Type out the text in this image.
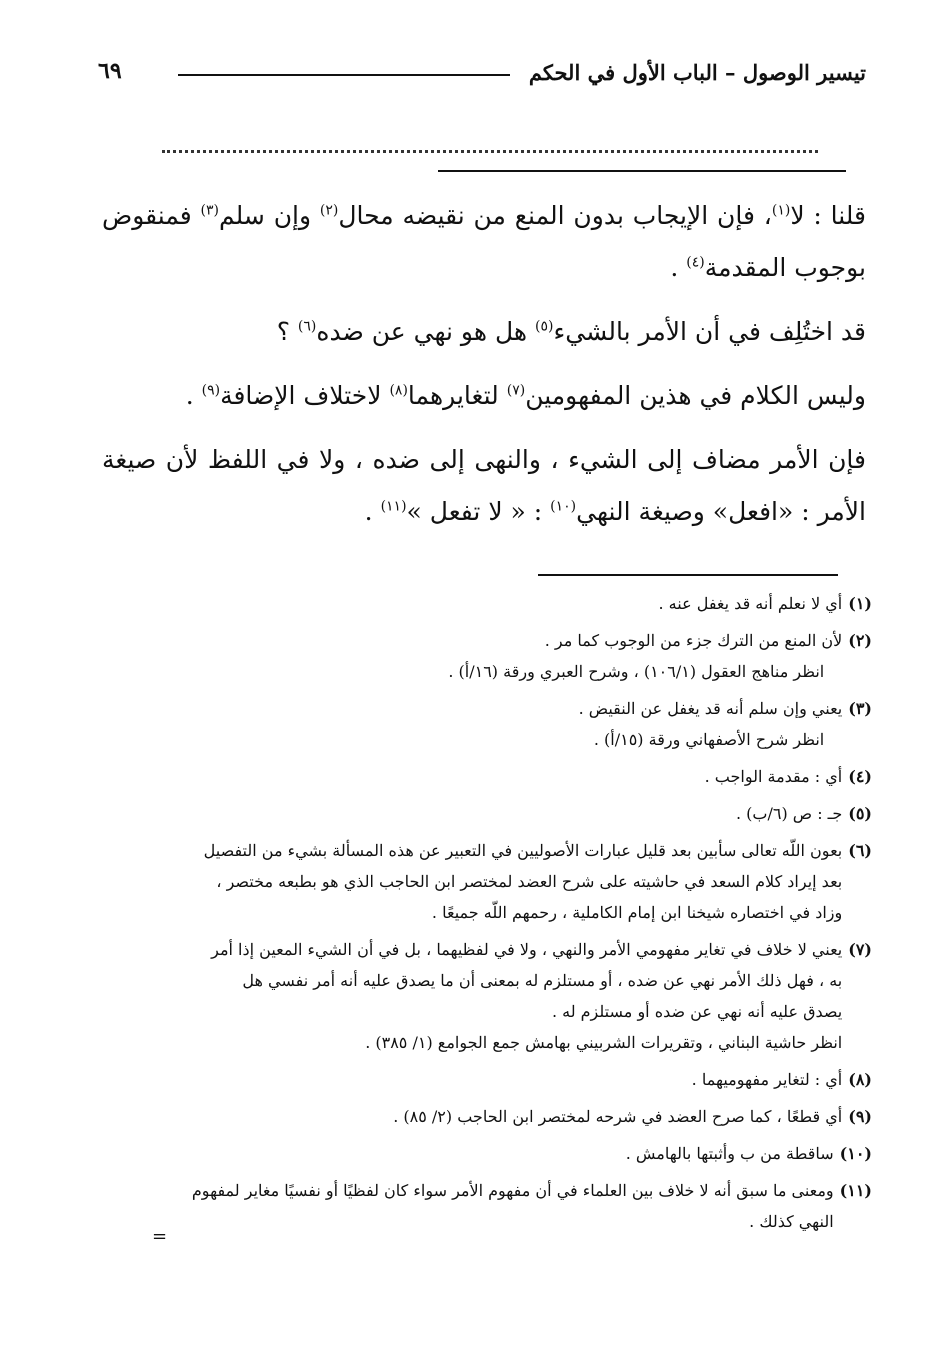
تيسير الوصول – الباب الأول في الحكم
٦٩

قلنا : لا$^{(١)}$، فإن الإيجاب بدون المنع من نقيضه محال$^{(٢)}$ وإن سلم$^{(٣)}$ فمنقوض بوجوب المقدمة$^{(٤)}$ .

قد اختُلِف في أن الأمر بالشيء$^{(٥)}$ هل هو نهي عن ضده$^{(٦)}$ ؟

وليس الكلام في هذين المفهومين$^{(٧)}$ لتغايرهما$^{(٨)}$ لاختلاف الإضافة$^{(٩)}$ .

فإن الأمر مضاف إلى الشيء ، والنهى إلى ضده ، ولا في اللفظ لأن صيغة الأمر : «افعل» وصيغة النهي$^{(١٠)}$ : « لا تفعل »$^{(١١)}$ .

(١)
أي لا نعلم أنه قد يغفل عنه .
(٢)
لأن المنع من الترك جزء من الوجوب كما مر .
انظر مناهج العقول (١٠٦/١) ، وشرح العبري ورقة (١٦/أ) .
(٣)
يعني وإن سلم أنه قد يغفل عن النقيض .
انظر شرح الأصفهاني ورقة (١٥/أ) .
(٤)
أي : مقدمة الواجب .
(٥)
جـ : ص (٦/ب) .
(٦)
بعون اللّه تعالى سأبين بعد قليل عبارات الأصوليين في التعبير عن هذه المسألة بشيء من التفصيل
بعد إيراد كلام السعد في حاشيته على شرح العضد لمختصر ابن الحاجب الذي هو بطبعه مختصر ،
وزاد في اختصاره شيخنا ابن إمام الكاملية ، رحمهم اللّه جميعًا .
(٧)
يعني لا خلاف في تغاير مفهومي الأمر والنهي ، ولا في لفظيهما ، بل في أن الشيء المعين إذا أمر
به ، فهل ذلك الأمر نهي عن ضده ، أو مستلزم له بمعنى أن ما يصدق عليه أنه أمر نفسي هل
يصدق عليه أنه نهي عن ضده أو مستلزم له .
انظر حاشية البناني ، وتقريرات الشربيني بهامش جمع الجوامع (١/ ٣٨٥) .
(٨)
أي : لتغاير مفهوميهما .
(٩)
أي قطعًا ، كما صرح العضد في شرحه لمختصر ابن الحاجب (٢/ ٨٥) .
(١٠)
ساقطة من ب وأثبتها بالهامش .
(١١)
ومعنى ما سبق أنه لا خلاف بين العلماء في أن مفهوم الأمر سواء كان لفظيًا أو نفسيًا مغاير لمفهوم
النهي كذلك .
=
